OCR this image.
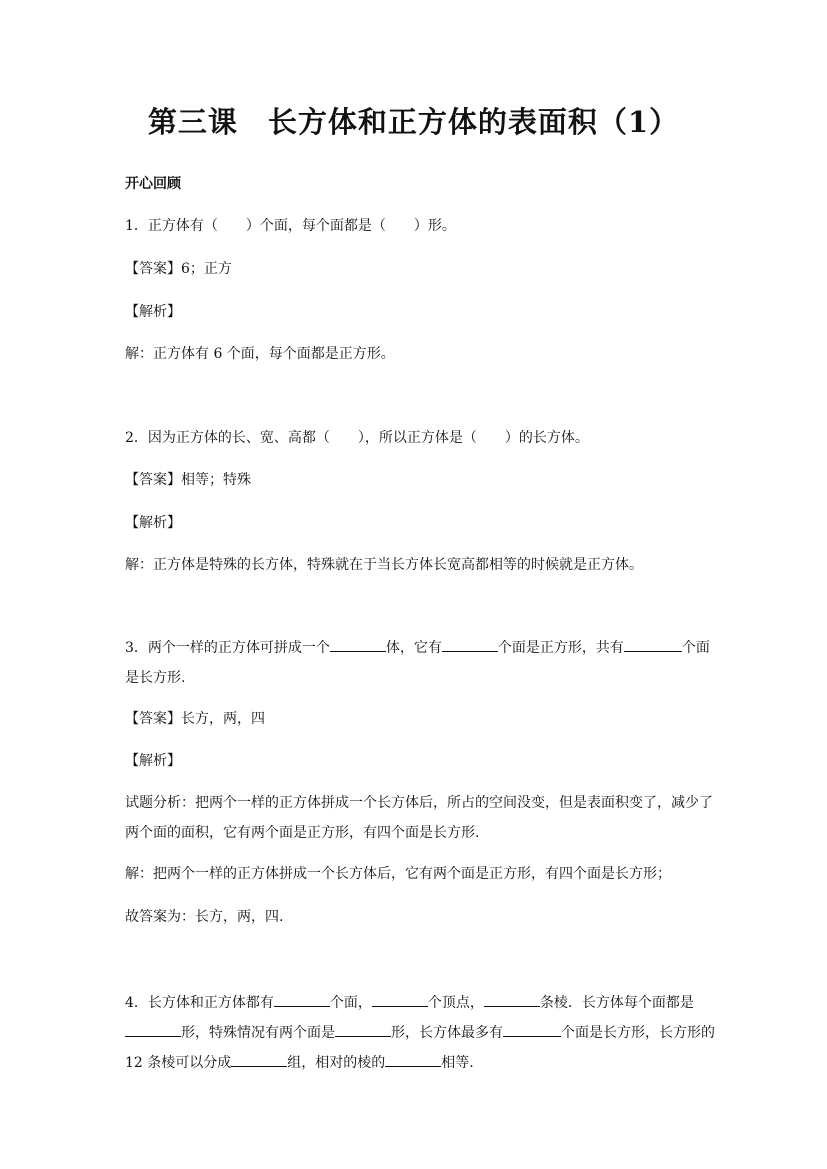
第三课　长方体和正方体的表面积（1）

开心回顾

1．正方体有（　　）个面，每个面都是（　　）形。

【答案】6；正方

【解析】

解：正方体有 6 个面，每个面都是正方形。

2．因为正方体的长、宽、高都（　　），所以正方体是（　　）的长方体。

【答案】相等；特殊

【解析】

解：正方体是特殊的长方体，特殊就在于当长方体长宽高都相等的时候就是正方体。

3．两个一样的正方体可拼成一个	体，它有	个面是正方形，共有	个面是长方形.

【答案】长方，两，四

【解析】

试题分析：把两个一样的正方体拼成一个长方体后，所占的空间没变，但是表面积变了，减少了两个面的面积，它有两个面是正方形，有四个面是长方形.

解：把两个一样的正方体拼成一个长方体后，它有两个面是正方形，有四个面是长方形；

故答案为：长方，两，四.

4．长方体和正方体都有	个面，	个顶点，	条棱．长方体每个面都是形，特殊情况有两个面是	形，长方体最多有	个面是长方形，长方形的 12 条棱可以分成	组，相对的棱的	相等.
